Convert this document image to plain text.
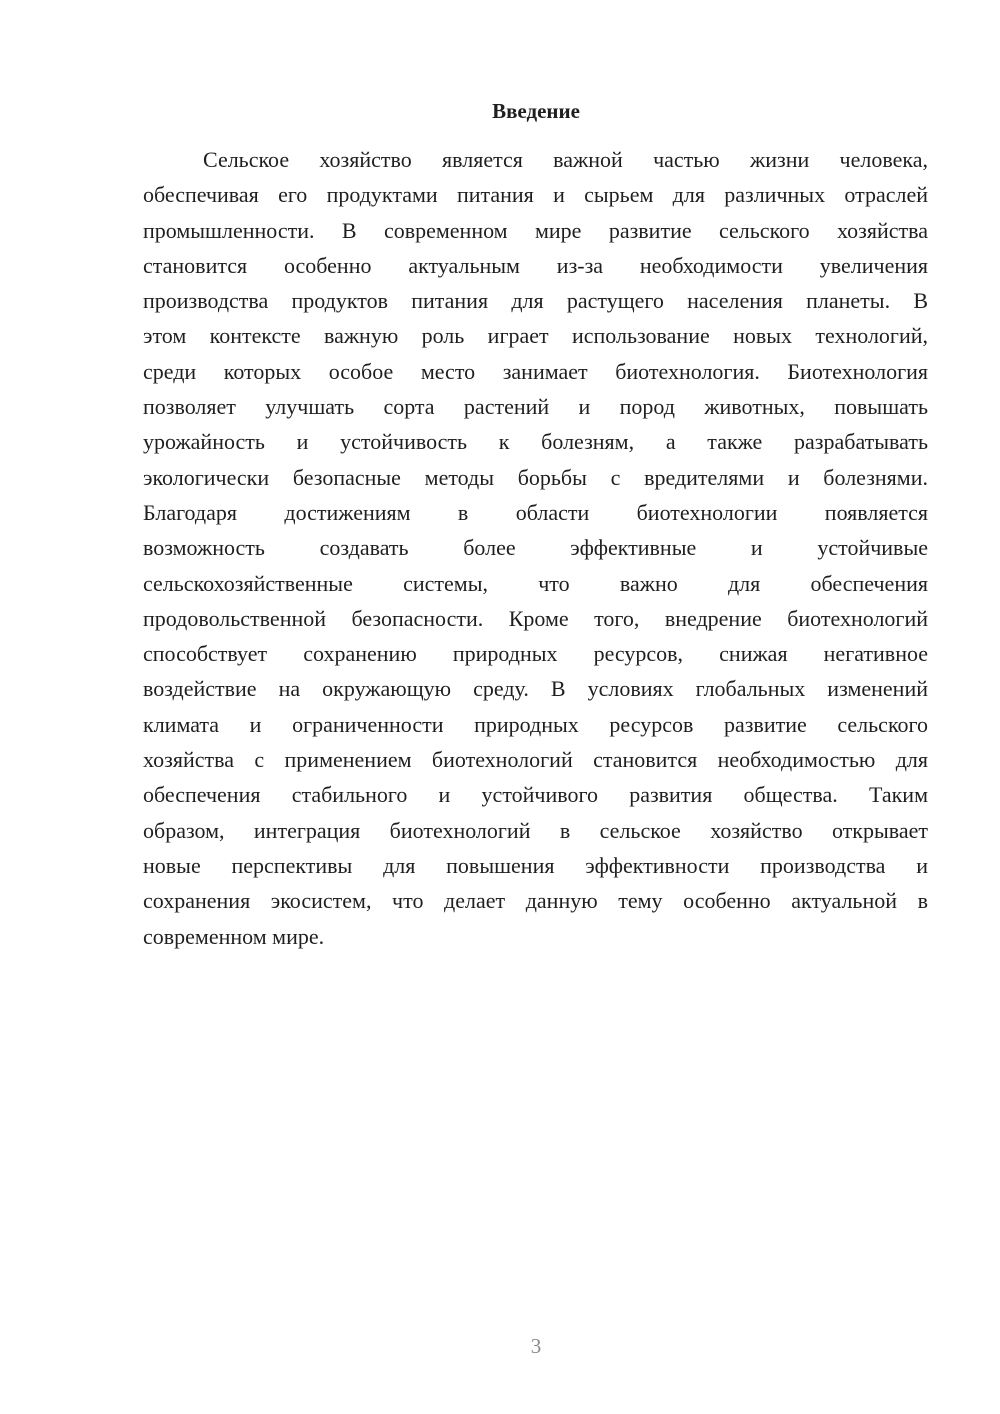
Введение
Сельское хозяйство является важной частью жизни человека,
обеспечивая его продуктами питания и сырьем для различных отраслей
промышленности. В современном мире развитие сельского хозяйства
становится особенно актуальным из-за необходимости увеличения
производства продуктов питания для растущего населения планеты. В
этом контексте важную роль играет использование новых технологий,
среди которых особое место занимает биотехнология. Биотехнология
позволяет улучшать сорта растений и пород животных, повышать
урожайность и устойчивость к болезням, а также разрабатывать
экологически безопасные методы борьбы с вредителями и болезнями.
Благодаря достижениям в области биотехнологии появляется
возможность создавать более эффективные и устойчивые
сельскохозяйственные системы, что важно для обеспечения
продовольственной безопасности. Кроме того, внедрение биотехнологий
способствует сохранению природных ресурсов, снижая негативное
воздействие на окружающую среду. В условиях глобальных изменений
климата и ограниченности природных ресурсов развитие сельского
хозяйства с применением биотехнологий становится необходимостью для
обеспечения стабильного и устойчивого развития общества. Таким
образом, интеграция биотехнологий в сельское хозяйство открывает
новые перспективы для повышения эффективности производства и
сохранения экосистем, что делает данную тему особенно актуальной в
современном мире.
3
